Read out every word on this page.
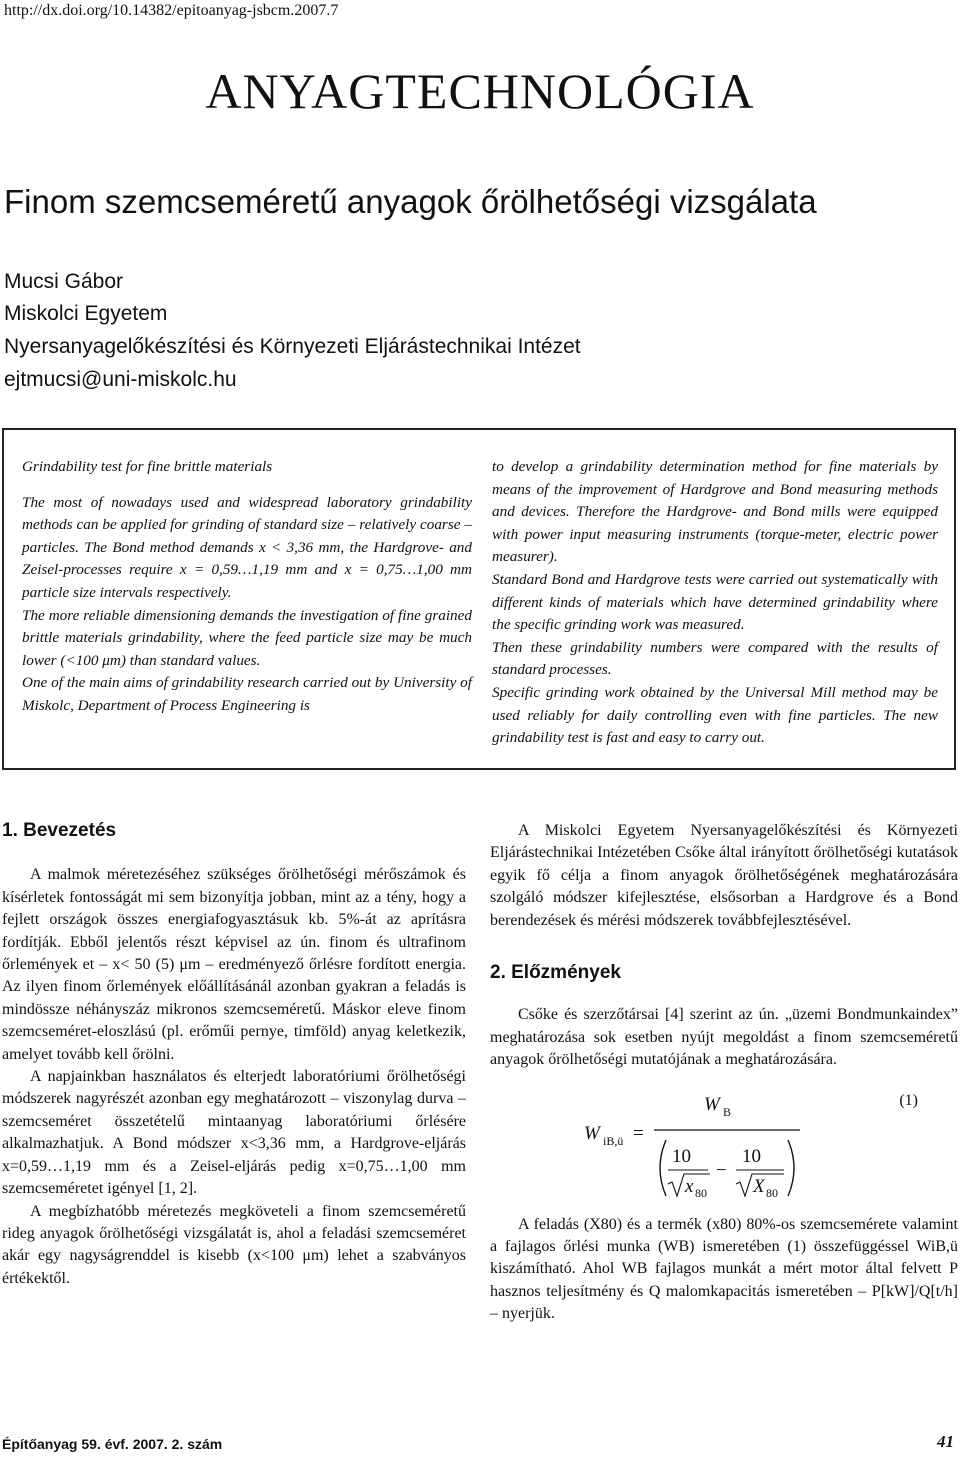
http://dx.doi.org/10.14382/epitoanyag-jsbcm.2007.7
ANYAGTECHNOLÓGIA
Finom szemcseméretű anyagok őrölhetőségi vizsgálata
Mucsi Gábor
Miskolci Egyetem
Nyersanyagelőkészítési és Környezeti Eljárástechnikai Intézet
ejtmucsi@uni-miskolc.hu

Grindability test for fine brittle materials

The most of nowadays used and widespread laboratory grindability methods can be applied for grinding of standard size – relatively coarse – particles. The Bond method demands x < 3,36 mm, the Hardgrove- and Zeisel-processes require x = 0,59…1,19 mm and x = 0,75…1,00 mm particle size intervals respectively.

The more reliable dimensioning demands the investigation of fine grained brittle materials grindability, where the feed particle size may be much lower (<100 μm) than standard values.

One of the main aims of grindability research carried out by University of Miskolc, Department of Process Engineering is

to develop a grindability determination method for fine materials by means of the improvement of Hardgrove and Bond measuring methods and devices. Therefore the Hardgrove- and Bond mills were equipped with power input measuring instruments (torque-meter, electric power measurer).

Standard Bond and Hardgrove tests were carried out systematically with different kinds of materials which have determined grindability where the specific grinding work was measured.

Then these grindability numbers were compared with the results of standard processes.

Specific grinding work obtained by the Universal Mill method may be used reliably for daily controlling even with fine particles. The new grindability test is fast and easy to carry out.

1. Bevezetés

A malmok méretezéséhez szükséges őrölhetőségi mérőszámok és kísérletek fontosságát mi sem bizonyítja jobban, mint az a tény, hogy a fejlett országok összes energiafogyasztásuk kb. 5%-át az aprításra fordítják. Ebből jelentős részt képvisel az ún. finom és ultrafinom őrlemények et – x< 50 (5) μm – eredményező őrlésre fordított energia. Az ilyen finom őrlemények előállításánál azonban gyakran a feladás is mindössze néhányszáz mikronos szemcseméretű. Máskor eleve finom szemcseméret-eloszlású (pl. erőműi pernye, timföld) anyag keletkezik, amelyet tovább kell őrölni.

A napjainkban használatos és elterjedt laboratóriumi őrölhetőségi módszerek nagyrészét azonban egy meghatározott – viszonylag durva – szemcseméret összetételű mintaanyag laboratóriumi őrlésére alkalmazhatjuk. A Bond módszer x<3,36 mm, a Hardgrove-eljárás x=0,59…1,19 mm és a Zeisel-eljárás pedig x=0,75…1,00 mm szemcseméretet igényel [1, 2].

A megbízhatóbb méretezés megköveteli a finom szemcseméretű rideg anyagok őrölhetőségi vizsgálatát is, ahol a feladási szemcseméret akár egy nagyságrenddel is kisebb (x<100 μm) lehet a szabványos értékektől.

A Miskolci Egyetem Nyersanyagelőkészítési és Környezeti Eljárástechnikai Intézetében Csőke által irányított őrölhetőségi kutatások egyik fő célja a finom anyagok őrölhetőségének meghatározására szolgáló módszer kifejlesztése, elsősorban a Hardgrove és a Bond berendezések és mérési módszerek továbbfejlesztésével.

2. Előzmények

Csőke és szerzőtársai [4] szerint az ún. „üzemi Bondmunkaindex” meghatározása sok esetben nyújt megoldást a finom szemcseméretű anyagok őrölhetőségi mutatójának a meghatározására.

W iB,ü =
W B
10
x 80
−
10
X 80
(1)

A feladás (X80) és a termék (x80) 80%-os szemcsemérete valamint a fajlagos őrlési munka (WB) ismeretében (1) összefüggéssel WiB,ü kiszámítható. Ahol WB fajlagos munkát a mért motor által felvett P hasznos teljesítmény és Q malomkapacitás ismeretében – P[kW]/Q[t/h] – nyerjük.

Építőanyag 59. évf. 2007. 2. szám	41
